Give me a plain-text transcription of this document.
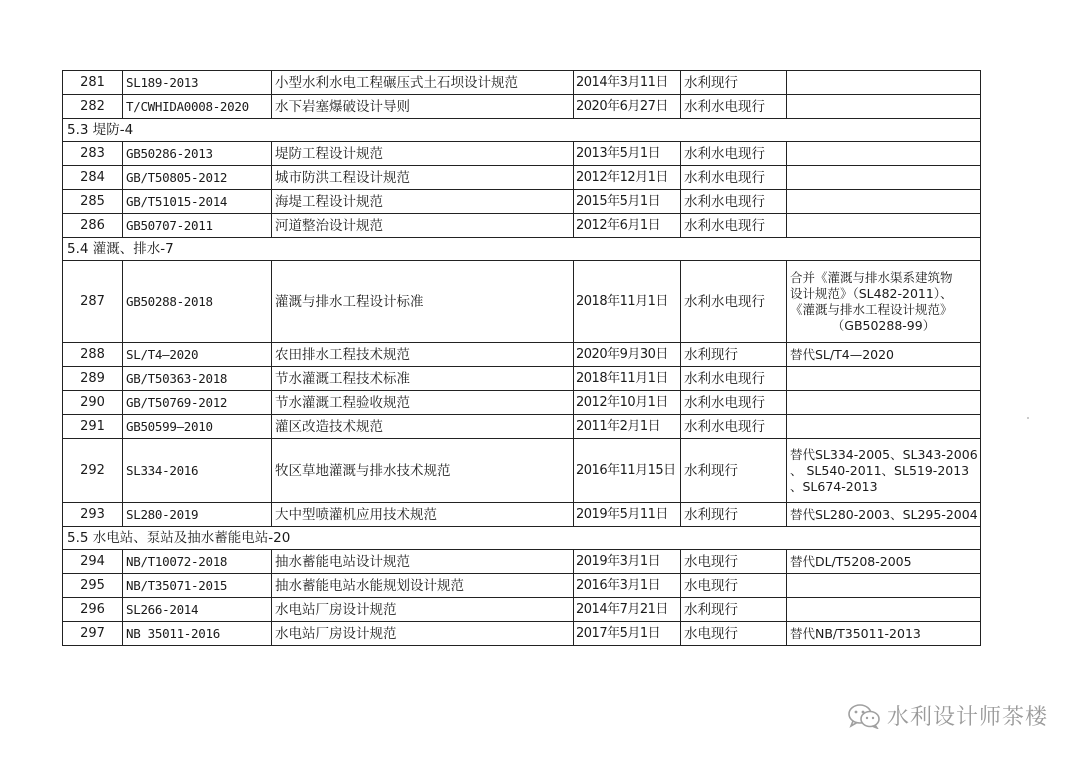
281	SL189-2013	小型水利水电工程碾压式土石坝设计规范	2014年3月11日	水利现行	
282	T/CWHIDA0008-2020	水下岩塞爆破设计导则	2020年6月27日	水利水电现行	
5.3 堤防-4					
283	GB50286-2013	堤防工程设计规范	2013年5月1日	水利水电现行	
284	GB/T50805-2012	城市防洪工程设计规范	2012年12月1日	水利水电现行	
285	GB/T51015-2014	海堤工程设计规范	2015年5月1日	水利水电现行	
286	GB50707-2011	河道整治设计规范	2012年6月1日	水利水电现行	
5.4 灌溉、排水-7					
287	GB50288-2018	灌溉与排水工程设计标准	2018年11月1日	水利水电现行	合并《灌溉与排水渠系建筑物
设计规范》（SL482-2011）、
《灌溉与排水工程设计规范》
（GB50288-99）

288	SL/T4—2020	农田排水工程技术规范	2020年9月30日	水利现行	替代SL/T4—2020
289	GB/T50363-2018	节水灌溉工程技术标准	2018年11月1日	水利水电现行	
290	GB/T50769-2012	节水灌溉工程验收规范	2012年10月1日	水利水电现行	
291	GB50599—2010	灌区改造技术规范	2011年2月1日	水利水电现行	
292	SL334-2016	牧区草地灌溉与排水技术规范	2016年11月15日	水利现行	替代SL334-2005、SL343-2006
、 SL540-2011、SL519-2013
、SL674-2013

293	SL280-2019	大中型喷灌机应用技术规范	2019年5月11日	水利现行	替代SL280-2003、SL295-2004
5.5 水电站、泵站及抽水蓄能电站-20					
294	NB/T10072-2018	抽水蓄能电站设计规范	2019年3月1日	水电现行	替代DL/T5208-2005
295	NB/T35071-2015	抽水蓄能电站水能规划设计规范	2016年3月1日	水电现行	
296	SL266-2014	水电站厂房设计规范	2014年7月21日	水利现行	
297	NB 35011-2016	水电站厂房设计规范	2017年5月1日	水电现行	替代NB/T35011-2013
水利设计师茶楼
